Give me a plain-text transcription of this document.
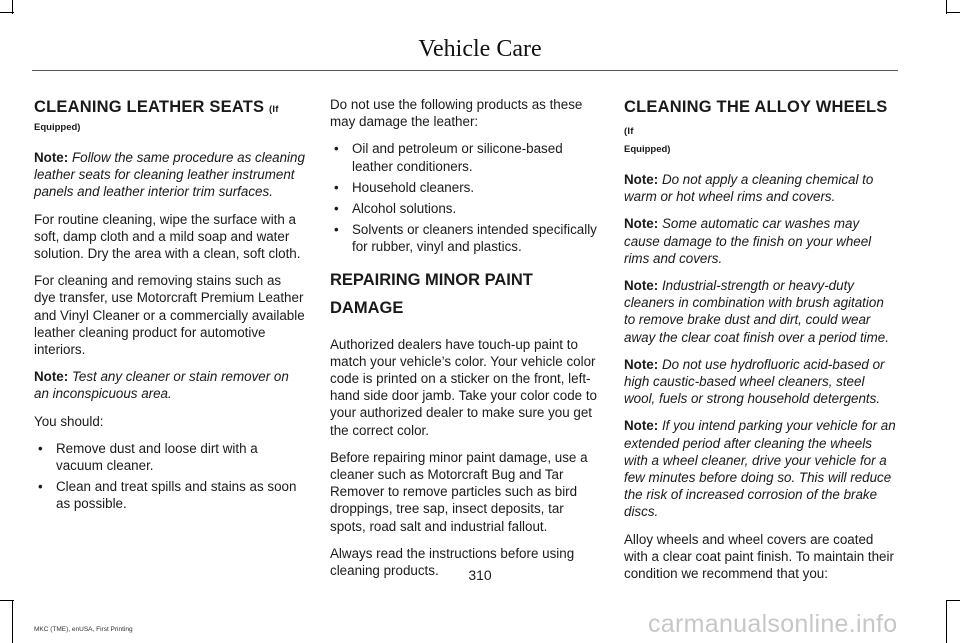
Vehicle Care
CLEANING LEATHER SEATS (If

Equipped)

Note: Follow the same procedure as cleaning leather seats for cleaning leather instrument panels and leather interior trim surfaces.

For routine cleaning, wipe the surface with a soft, damp cloth and a mild soap and water solution. Dry the area with a clean, soft cloth.

For cleaning and removing stains such as dye transfer, use Motorcraft Premium Leather and Vinyl Cleaner or a commercially available leather cleaning product for automotive interiors.

Note: Test any cleaner or stain remover on an inconspicuous area.

You should:

• Remove dust and loose dirt with a vacuum cleaner.
• Clean and treat spills and stains as soon as possible.

Do not use the following products as these may damage the leather:

• Oil and petroleum or silicone-based leather conditioners.
• Household cleaners.
• Alcohol solutions.
• Solvents or cleaners intended specifically for rubber, vinyl and plastics.
REPAIRING MINOR PAINT
DAMAGE

Authorized dealers have touch-up paint to match your vehicle’s color. Your vehicle color code is printed on a sticker on the front, left-hand side door jamb. Take your color code to your authorized dealer to make sure you get the correct color.

Before repairing minor paint damage, use a cleaner such as Motorcraft Bug and Tar Remover to remove particles such as bird droppings, tree sap, insect deposits, tar spots, road salt and industrial fallout.

Always read the instructions before using cleaning products.

CLEANING THE ALLOY WHEELS (If

Equipped)

Note: Do not apply a cleaning chemical to warm or hot wheel rims and covers.

Note: Some automatic car washes may cause damage to the finish on your wheel rims and covers.

Note: Industrial-strength or heavy-duty cleaners in combination with brush agitation to remove brake dust and dirt, could wear away the clear coat finish over a period time.

Note: Do not use hydrofluoric acid-based or high caustic-based wheel cleaners, steel wool, fuels or strong household detergents.

Note: If you intend parking your vehicle for an extended period after cleaning the wheels with a wheel cleaner, drive your vehicle for a few minutes before doing so. This will reduce the risk of increased corrosion of the brake discs.

Alloy wheels and wheel covers are coated with a clear coat paint finish. To maintain their condition we recommend that you:

310
MKC (TME), enUSA, First Printing	carmanualsonline.info
